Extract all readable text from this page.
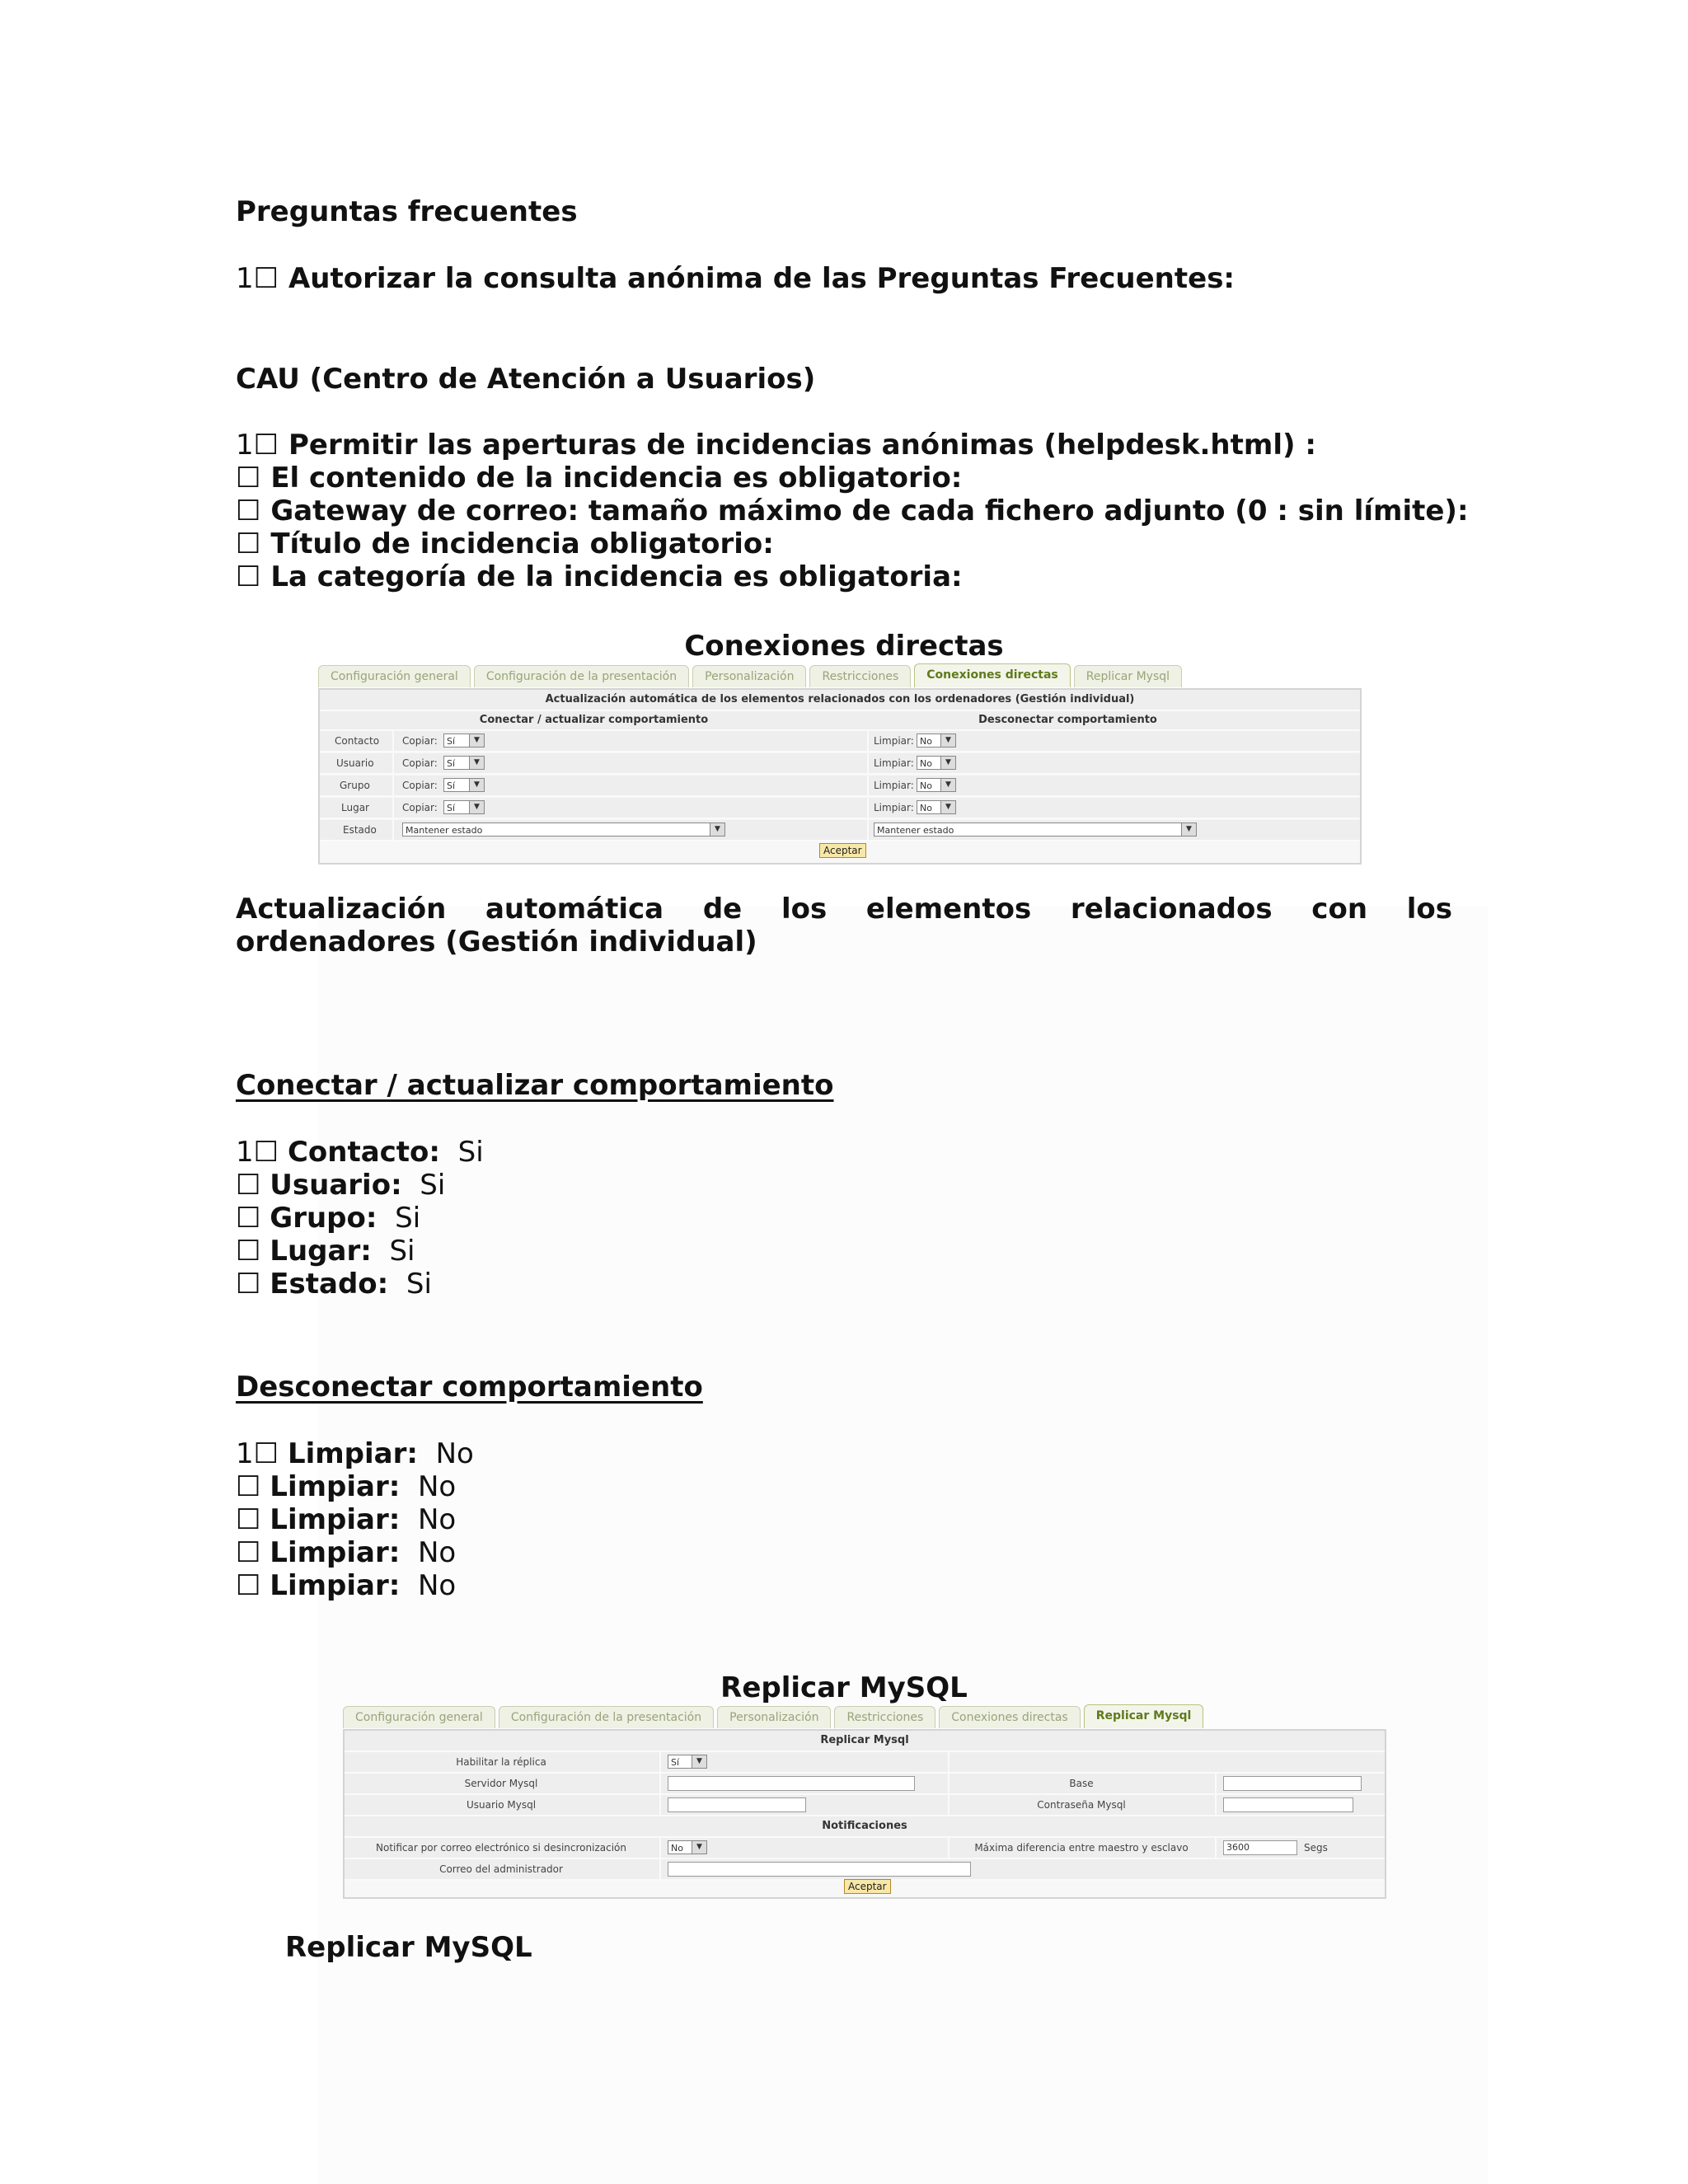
Preguntas frecuentes
1☐ Autorizar la consulta anónima de las Preguntas Frecuentes:
CAU (Centro de Atención a Usuarios)
1☐ Permitir las aperturas de incidencias anónimas (helpdesk.html) :
☐ El contenido de la incidencia es obligatorio:
☐ Gateway de correo: tamaño máximo de cada fichero adjunto (0 : sin límite):
☐ Título de incidencia obligatorio:
☐ La categoría de la incidencia es obligatoria:
Conexiones directas
Configuración general	Configuración de la presentación	Personalización	Restricciones	Conexiones directas	Replicar Mysql
Actualización automática de los elementos relacionados con los ordenadores (Gestión individual)
Conectar / actualizar comportamiento	Desconectar comportamiento
Contacto Copiar:	Sí	▼	Limpiar: No	▼
Usuario	Copiar:	Sí	▼	Limpiar: No	▼
Grupo	Copiar:	Sí	▼	Limpiar: No	▼
Lugar	Copiar:	Sí	▼	Limpiar: No	▼
Estado	Mantener estado	▼	Mantener estado	▼
Aceptar
Actualización automática de los elementos relacionados con los ordenadores (Gestión individual)
Conectar / actualizar comportamiento
1☐ Contacto: Si
☐ Usuario: Si
☐ Grupo: Si
☐ Lugar: Si
☐ Estado: Si
Desconectar comportamiento
1☐ Limpiar: No
☐ Limpiar: No
☐ Limpiar: No
☐ Limpiar: No
☐ Limpiar: No
Replicar MySQL
Configuración general	Configuración de la presentación	Personalización	Restricciones	Conexiones directas	Replicar Mysql
Replicar Mysql
Habilitar la réplica	Sí	▼
Servidor Mysql	Base
Usuario Mysql	Contraseña Mysql
Notificaciones
Notificar por correo electrónico si desincronización	No	▼	Máxima diferencia entre maestro y esclavo	3600	Segs
Correo del administrador
Aceptar
Replicar MySQL
